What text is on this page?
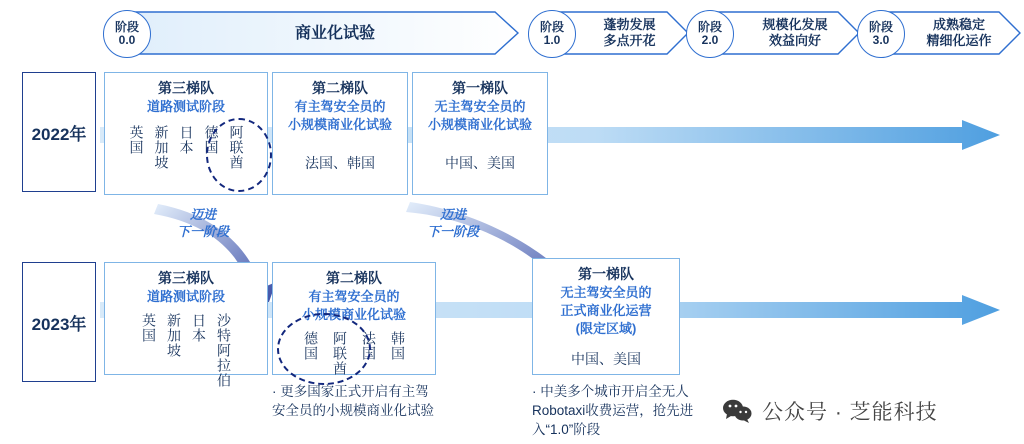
阶段
0.0	商业化试验	阶段
1.0
蓬勃发展
多点开花
阶段
2.0
规模化发展
效益向好
阶段
3.0
成熟稳定
精细化运作
2022年
第三梯队
道路测试阶段
英国 新加坡 日本 德国 阿联酋
第二梯队
有主驾安全员的
小规模商业化试验
法国、韩国
第一梯队
无主驾安全员的
小规模商业化试验
中国、美国
迈进
下一阶段
迈进
下一阶段
2023年
第三梯队
道路测试阶段
英国 新加坡 日本 沙特阿拉伯
第二梯队
有主驾安全员的
小规模商业化试验
德国 阿联酋 法国 韩国
第一梯队
无主驾安全员的
正式商业化运营
(限定区域)
中国、美国
· 更多国家正式开启有主驾安全员的小规模商业化试验
· 中美多个城市开启全无人Robotaxi收费运营，抢先进入“1.0”阶段
公众号 · 芝能科技
